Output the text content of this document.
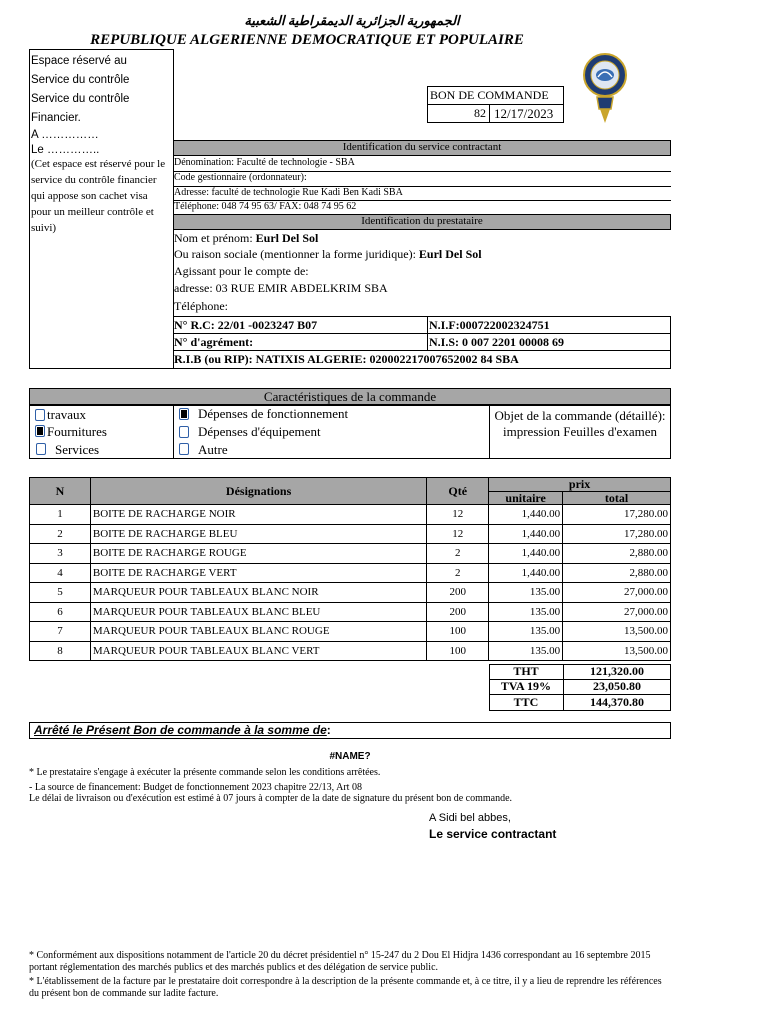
الجمهورية الجزائرية الديمقراطية الشعبية
REPUBLIQUE ALGERIENNE DEMOCRATIQUE ET POPULAIRE
Espace réservé au
Service du contrôle
Service du contrôle
Financier.
A ……………
Le …………..
(Cet espace est réservé pour le service du contrôle financier qui appose son cachet visa pour un meilleur contrôle et suivi)
BON DE COMMANDE
82 12/17/2023
Identification du service contractant
Dénomination: Faculté de technologie - SBA
Code gestionnaire (ordonnateur):
Adresse: faculté de technologie Rue Kadi Ben Kadi SBA
Téléphone: 048 74 95 63/ FAX: 048 74 95 62
Identification du prestataire
Nom et prénom: Eurl Del Sol
Ou raison sociale (mentionner la forme juridique): Eurl Del Sol
Agissant pour le compte de:
adresse: 03 RUE EMIR ABDELKRIM SBA
Téléphone:
N° R.C: 22/01 -0023247 B07	N.I.F:000722002324751
N° d'agrément:	N.I.S: 0 007 2201 00008 69
R.I.B (ou RIP): NATIXIS ALGERIE: 020002217007652002 84 SBA
Caractéristiques de la commande
travaux
Fournitures
Services
Dépenses de fonctionnement
Dépenses d'équipement
Autre
Objet de la commande (détaillé): impression Feuilles d'examen
N	Désignations	Qté	prix	
			unitaire	total
1	BOITE DE RACHARGE NOIR	12	1,440.00	17,280.00
2	BOITE DE RACHARGE BLEU	12	1,440.00	17,280.00
3	BOITE DE RACHARGE ROUGE	2	1,440.00	2,880.00
4	BOITE DE RACHARGE VERT	2	1,440.00	2,880.00
5	MARQUEUR POUR TABLEAUX BLANC NOIR	200	135.00	27,000.00
6	MARQUEUR POUR TABLEAUX BLANC BLEU	200	135.00	27,000.00
7	MARQUEUR POUR TABLEAUX BLANC ROUGE	100	135.00	13,500.00
8	MARQUEUR POUR TABLEAUX BLANC VERT	100	135.00	13,500.00
THT	121,320.00
TVA 19%	23,050.80
TTC	144,370.80
Arrêté le Présent Bon de commande à la somme de:
#NAME?
* Le prestataire s'engage à exécuter la présente commande selon les conditions arrêtées.
- La source de financement: Budget de fonctionnement 2023 chapitre 22/13, Art 08
Le délai de livraison ou d'exécution est estimé à 07 jours à compter de la date de signature du présent bon de commande.
A Sidi bel abbes,
Le service contractant
* Conformément aux dispositions notamment de l'article 20 du décret présidentiel n° 15-247 du 2 Dou El Hidjra 1436 correspondant au 16 septembre 2015 portant réglementation des marchés publics et des marchés publics et des délégation de service public.
* L'établissement de la facture par le prestataire doit correspondre à la description de la présente commande et, à ce titre, il y a lieu de reprendre les références du présent bon de commande sur ladite facture.
